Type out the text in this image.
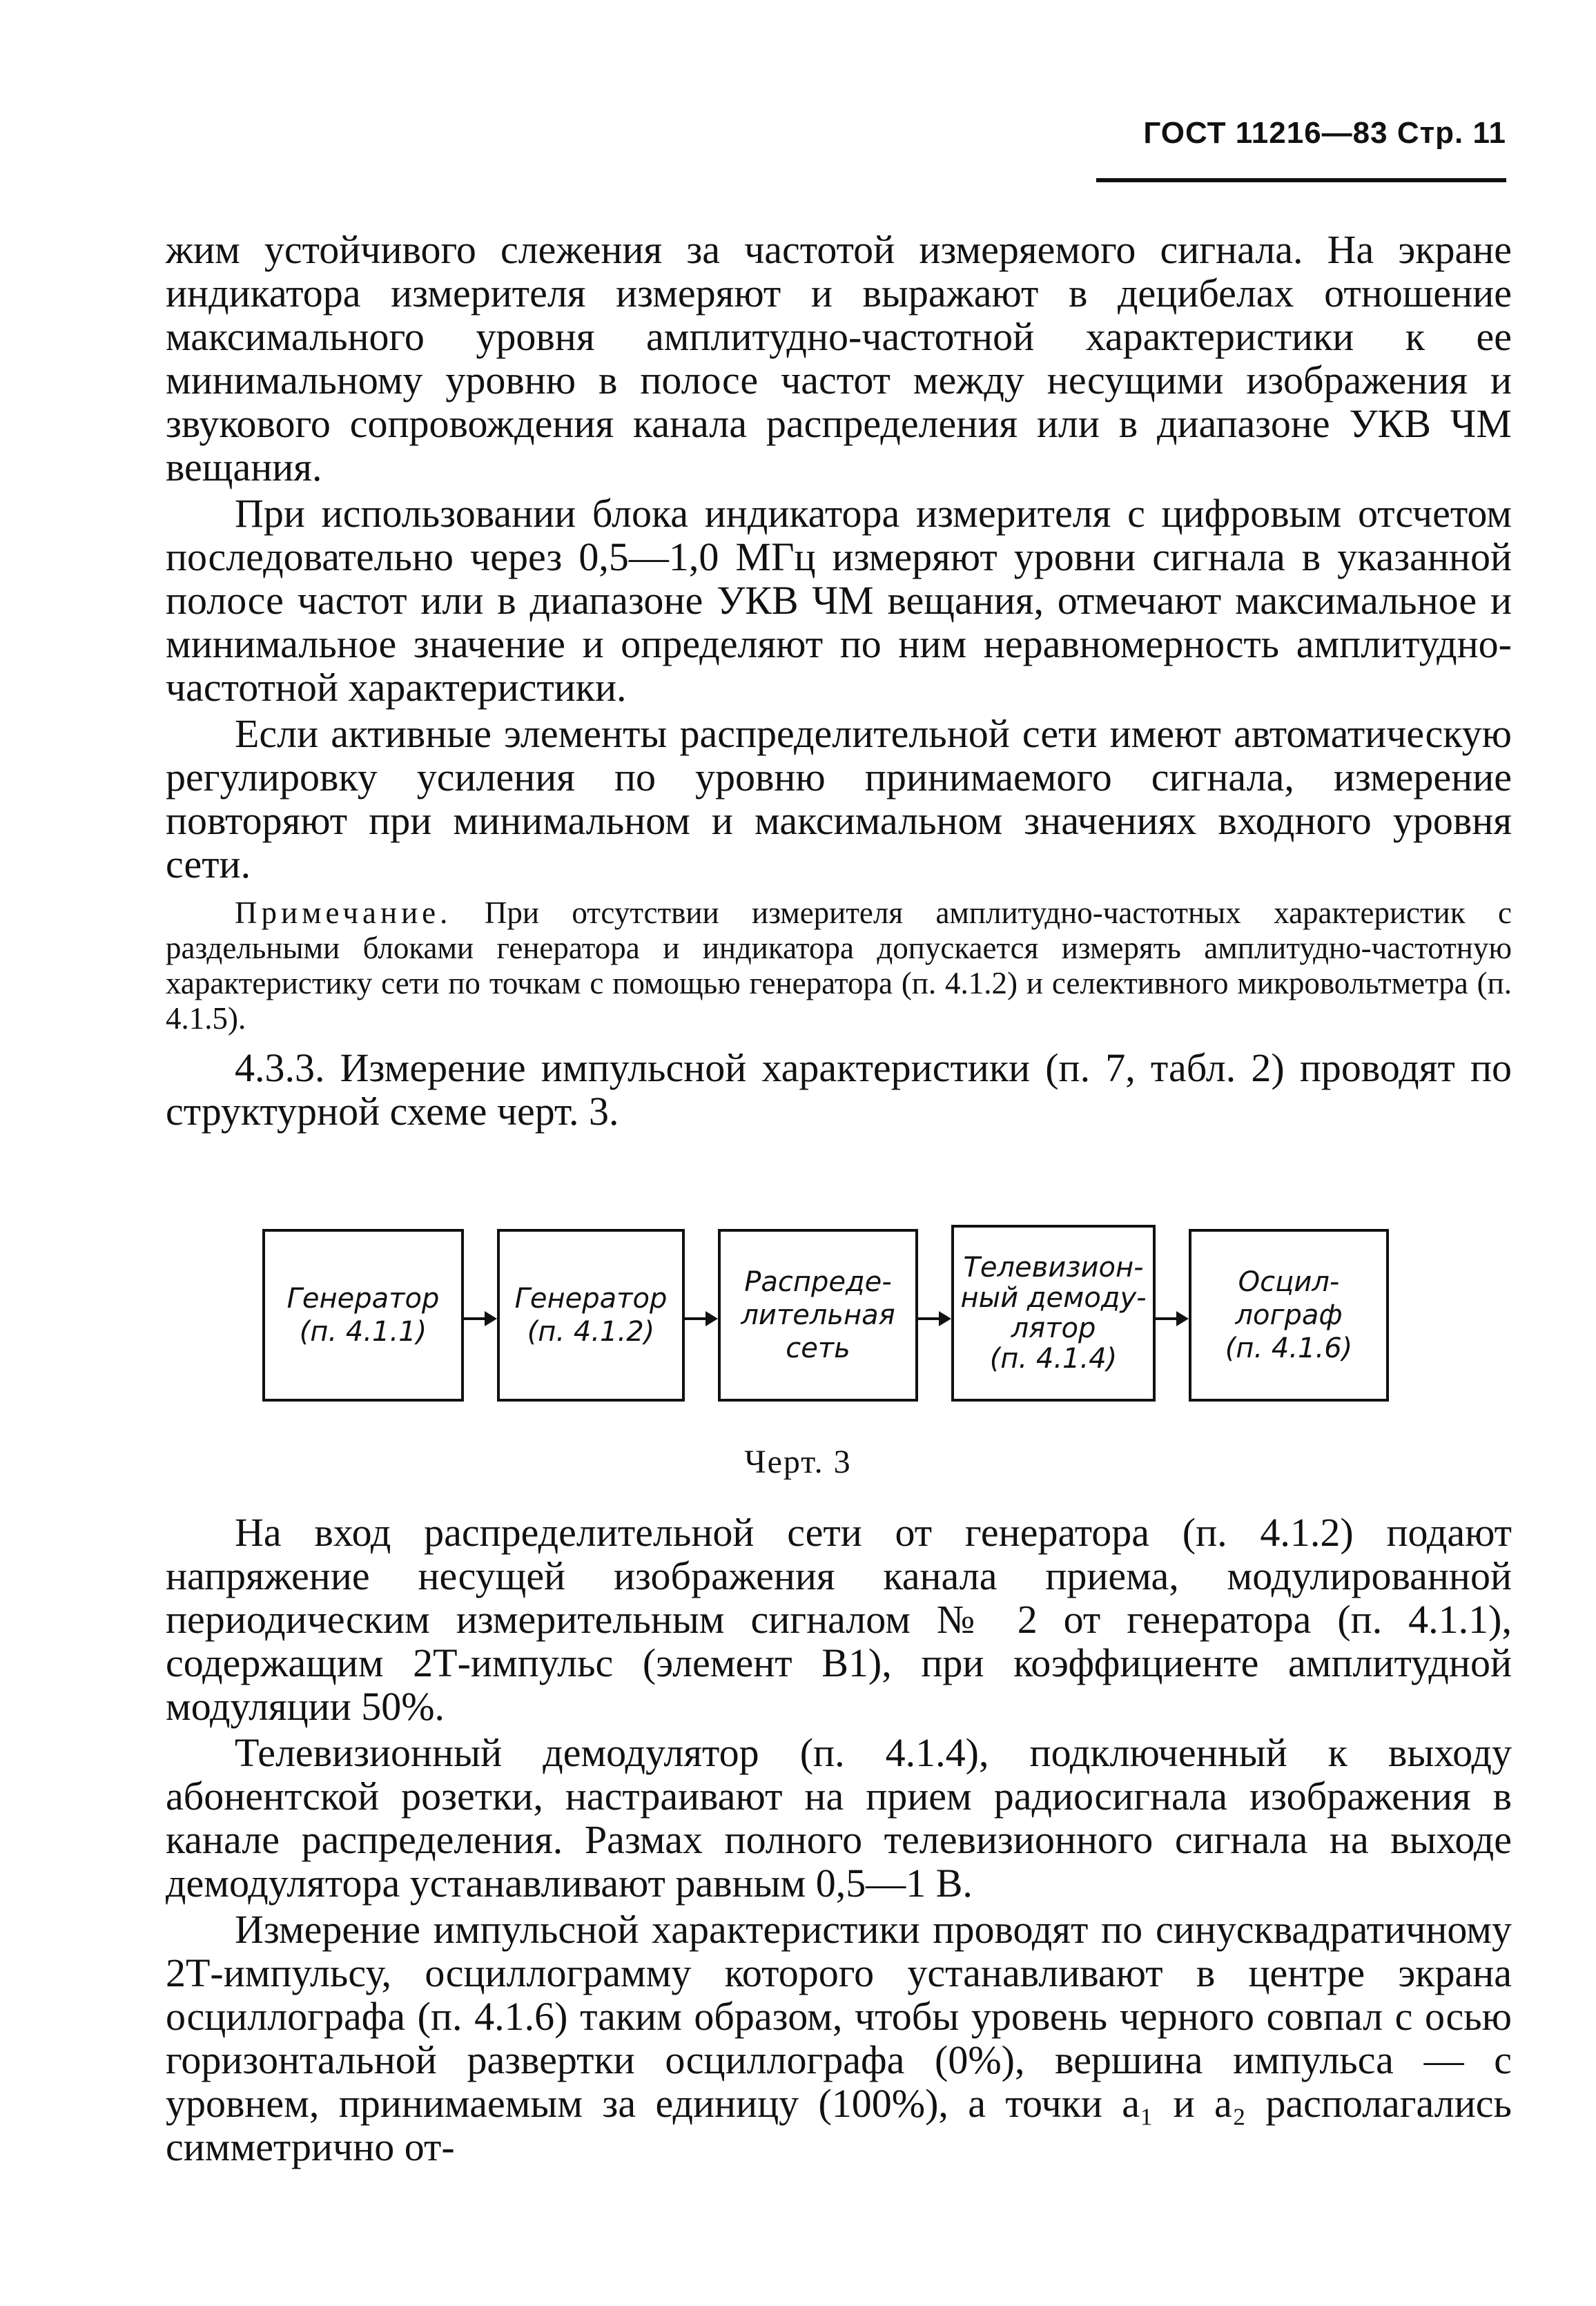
ГОСТ 11216—83 Стр. 11

жим устойчивого слежения за частотой измеряемого сигнала. На экране индикатора измерителя измеряют и выражают в децибелах отношение максимального уровня амплитудно-частотной характеристики к ее минимальному уровню в полосе частот между несущими изображения и звукового сопровождения канала распределения или в диапазоне УКВ ЧМ вещания.

При использовании блока индикатора измерителя с цифровым отсчетом последовательно через 0,5—1,0 МГц измеряют уровни сигнала в указанной полосе частот или в диапазоне УКВ ЧМ вещания, отмечают максимальное и минимальное значение и определяют по ним неравномерность амплитудно-частотной характеристики.

Если активные элементы распределительной сети имеют автоматическую регулировку усиления по уровню принимаемого сигнала, измерение повторяют при минимальном и максимальном значениях входного уровня сети.

Примечание. При отсутствии измерителя амплитудно-частотных характеристик с раздельными блоками генератора и индикатора допускается измерять амплитудно-частотную характеристику сети по точкам с помощью генератора (п. 4.1.2) и селективного микровольтметра (п. 4.1.5).

4.3.3. Измерение импульсной характеристики (п. 7, табл. 2) проводят по структурной схеме черт. 3.

Генератор
(п. 4.1.1)
Генератор
(п. 4.1.2)
Распреде-
лительная
сеть
Телевизион-
ный демоду-
лятор
(п. 4.1.4)
Осцил-
лограф
(п. 4.1.6)
Черт. 3

На вход распределительной сети от генератора (п. 4.1.2) подают напряжение несущей изображения канала приема, модулированной периодическим измерительным сигналом № 2 от генератора (п. 4.1.1), содержащим 2Т-импульс (элемент В1), при коэффициенте амплитудной модуляции 50%.

Телевизионный демодулятор (п. 4.1.4), подключенный к выходу абонентской розетки, настраивают на прием радиосигнала изображения в канале распределения. Размах полного телевизионного сигнала на выходе демодулятора устанавливают равным 0,5—1 В.

Измерение импульсной характеристики проводят по синусквадратичному 2Т-импульсу, осциллограмму которого устанавливают в центре экрана осциллографа (п. 4.1.6) таким образом, чтобы уровень черного совпал с осью горизонтальной развертки осциллографа (0%), вершина импульса — с уровнем, принимаемым за единицу (100%), а точки a₁ и a₂ располагались симметрично от-
